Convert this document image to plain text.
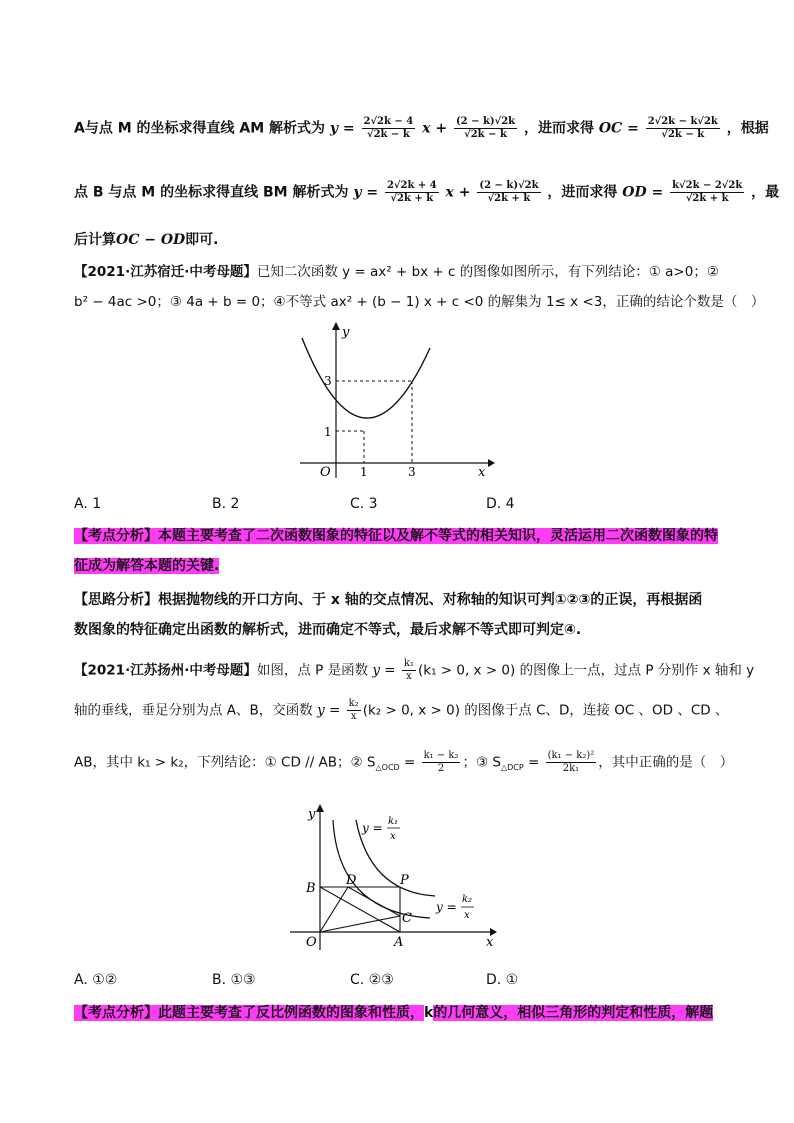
A与点 M 的坐标求得直线 AM 解析式为 $y = \frac{2√2k - 4}{√2k - k}$ $x + \frac{(2 - k)√2k}{√2k - k}$ ，进而求得 OC = $\frac{2√2k - k√2k}{√2k - k}$ ，根据
点 B 与点 M 的坐标求得直线 BM 解析式为 $y = \frac{2√2k + 4}{√2k + k}$ $x + \frac{(2 - k)√2k}{√2k + k}$ ，进而求得 OD = $\frac{k√2k - 2√2k}{√2k + k}$ ，最
后计算OC − OD即可.
【2021·江苏宿迁·中考母题】已知二次函数 y = ax² + bx + c 的图像如图所示，有下列结论：① a>0；②
b² − 4ac >0；③ 4a + b = 0；④不等式 ax² + (b − 1) x + c <0 的解集为 1≤ x <3，正确的结论个数是（　）
y
x
O 1	3
1
3
A. 1	B. 2	C. 3	D. 4
【考点分析】本题主要考查了二次函数图象的特征以及解不等式的相关知识，灵活运用二次函数图象的特
征成为解答本题的关键.
【思路分析】根据抛物线的开口方向、于 x 轴的交点情况、对称轴的知识可判①②③的正误，再根据函
数图象的特征确定出函数的解析式，进而确定不等式，最后求解不等式即可判定④.
【2021·江苏扬州·中考母题】如图，点 P 是函数 $y = \frac{\text{k₁}}{x} (k_1 > 0$, x > 0) 的图像上一点，过点 P 分别作 x 轴和 y
轴的垂线，垂足分别为点 A、B，交函数 $y = \frac{\text{k₂}}{x} (k_2 > 0$, x > 0) 的图像于点 C、D，连接 OC 、OD 、CD 、
AB，其中 k₁ > k₂，下列结论：① CD // AB；② $S_{\triangle OCD} = \frac{\text{k₁ − k₂}}{2}$ ；③ $S_{\triangle DCP} = \frac{\text{(k₁ − k₂)²}}{\text{2k₁}}$ ，其中正确的是（　）
y
x
O	A
B
C
D	P
y = k₁
x
y =
k₂
x
A. ①②	B. ①③	C. ②③	D. ①
【考点分析】此题主要考查了反比例函数的图象和性质，k的几何意义，相似三角形的判定和性质，解题
